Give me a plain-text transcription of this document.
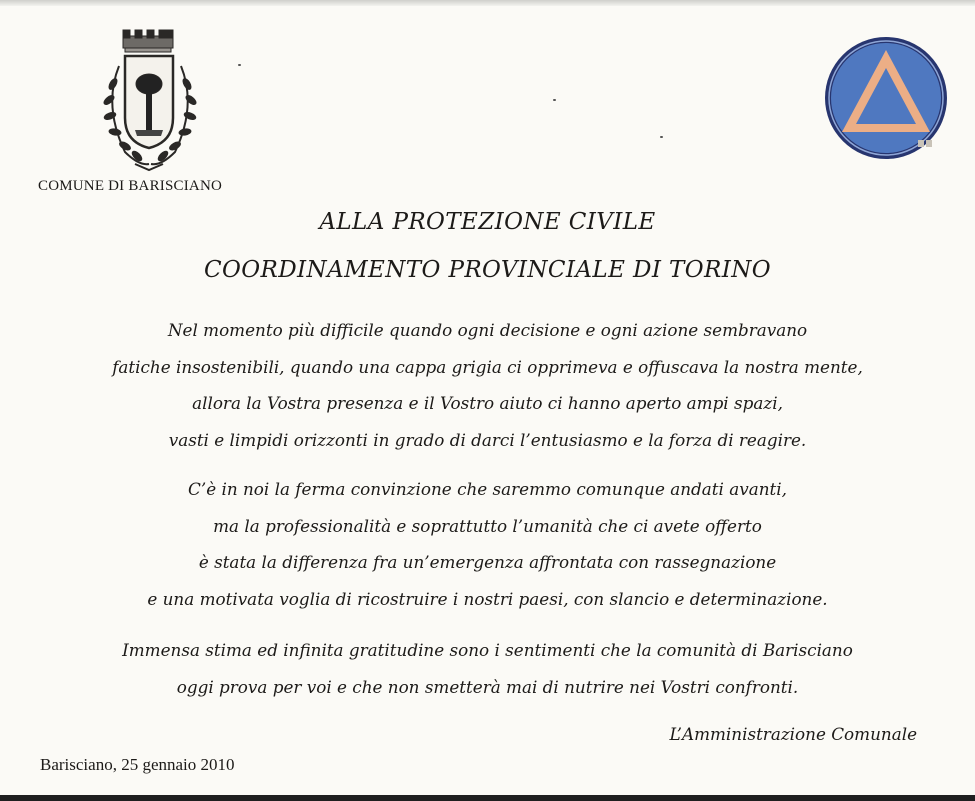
COMUNE DI BARISCIANO
ALLA PROTEZIONE CIVILE
COORDINAMENTO PROVINCIALE DI TORINO

Nel momento più difficile quando ogni decisione e ogni azione sembravano
fatiche insostenibili, quando una cappa grigia ci opprimeva e offuscava la nostra mente,
allora la Vostra presenza e il Vostro aiuto ci hanno aperto ampi spazi,
vasti e limpidi orizzonti in grado di darci l’entusiasmo e la forza di reagire.

C’è in noi la ferma convinzione che saremmo comunque andati avanti,
ma la professionalità e soprattutto l’umanità che ci avete offerto
è stata la differenza fra un’emergenza affrontata con rassegnazione
e una motivata voglia di ricostruire i nostri paesi, con slancio e determinazione.

Immensa stima ed infinita gratitudine sono i sentimenti che la comunità di Barisciano
oggi prova per voi e che non smetterà mai di nutrire nei Vostri confronti.

L’Amministrazione Comunale
Barisciano, 25 gennaio 2010
